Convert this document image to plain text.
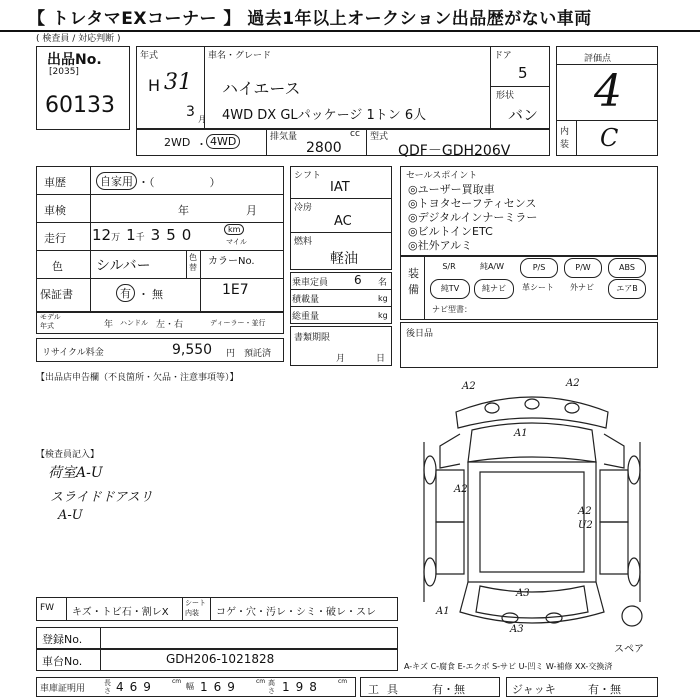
【 トレタマEXコーナー 】 過去1年以上オークション出品歴がない車両
( 検査員 / 対応判断 )
出品No.
[2035]
60133
年式
H 31
3 月
車名・グレード
ハイエース
4WD DX GLパッケージ 1トン 6人
ドア
5
形状
バン
2WD ・ 4WD	排気量	cc
2800
型式
QDF－GDH206V
評価点
4
内装 C
車歴	自家用 ・（　　　　　）
車検	年	月
走行 12万 1千 3 5 0	km
マイル
色 シルバー
色替
カラーNo.
1E7
保証書	有 ・ 無
モデル年式	年 ハンドル 左・右	ディーラー・並行
リサイクル料金	9,550 円 預託済
シフト
IAT
冷房
AC
燃料
軽油
乗車定員 6 名
積載量	kg
総重量	kg
書類期限
月	日
セールスポイント
◎ユーザー買取車
◎トヨタセーフティセンス
◎デジタルインナーミラー
◎ビルトインETC
◎社外アルミ
装備
S/R	純A/W	P/S	P/W	ABS
純TV	純ナビ	革シート	外ナビ	エアB
ナビ型書：
後日品
【出品店申告欄（不良箇所・欠品・注意事項等）】
【検査員記入】
荷室A-U
スライドドアスリ
A-U
A2	A2
A1
A2
A2
U2
A1
A3
A3
スペア
FW キズ・トビ石・割レX
シート内装	コゲ・穴・汚レ・シミ・破レ・スレ
登録No.
車台No.	GDH206-1021828
A-キズ C-腐食 E-エクボ S-サビ U-凹ミ W-補修 XX-交換済
車庫証明用
長さ 469	cm
幅 169	cm 高さ 198	cm
工具 有・無	ジャッキ	有・無
